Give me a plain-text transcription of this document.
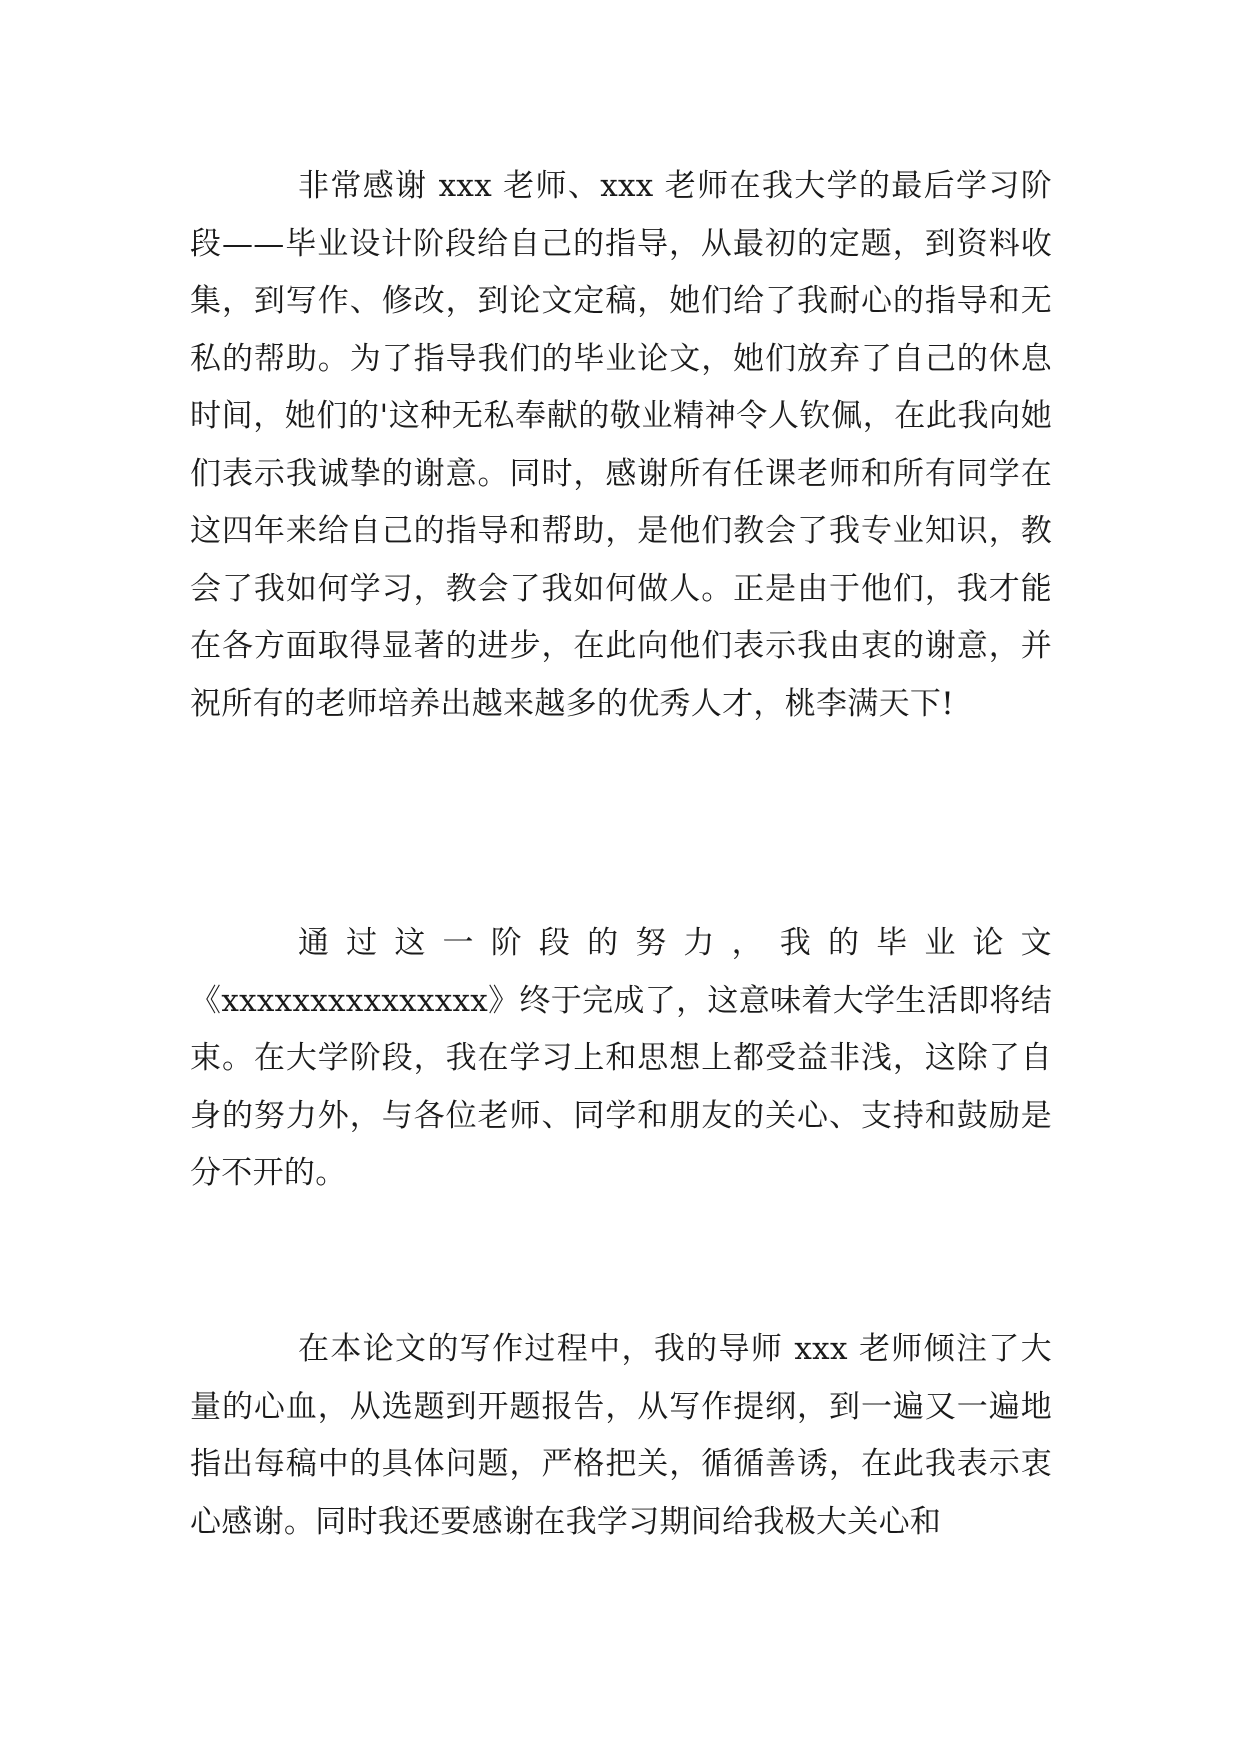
非常感谢 xxx 老师、xxx 老师在我大学的最后学习阶段——毕业设计阶段给自己的指导，从最初的定题，到资料收集，到写作、修改，到论文定稿，她们给了我耐心的指导和无私的帮助。为了指导我们的毕业论文，她们放弃了自己的休息时间，她们的'这种无私奉献的敬业精神令人钦佩，在此我向她们表示我诚挚的谢意。同时，感谢所有任课老师和所有同学在这四年来给自己的指导和帮助，是他们教会了我专业知识，教会了我如何学习，教会了我如何做人。正是由于他们，我才能在各方面取得显著的进步，在此向他们表示我由衷的谢意，并祝所有的老师培养出越来越多的优秀人才，桃李满天下!

通过这一阶段的努力，我的毕业论文《xxxxxxxxxxxxxxx》终于完成了，这意味着大学生活即将结束。在大学阶段，我在学习上和思想上都受益非浅，这除了自身的努力外，与各位老师、同学和朋友的关心、支持和鼓励是分不开的。

在本论文的写作过程中，我的导师 xxx 老师倾注了大量的心血，从选题到开题报告，从写作提纲，到一遍又一遍地指出每稿中的具体问题，严格把关，循循善诱，在此我表示衷心感谢。同时我还要感谢在我学习期间给我极大关心和
